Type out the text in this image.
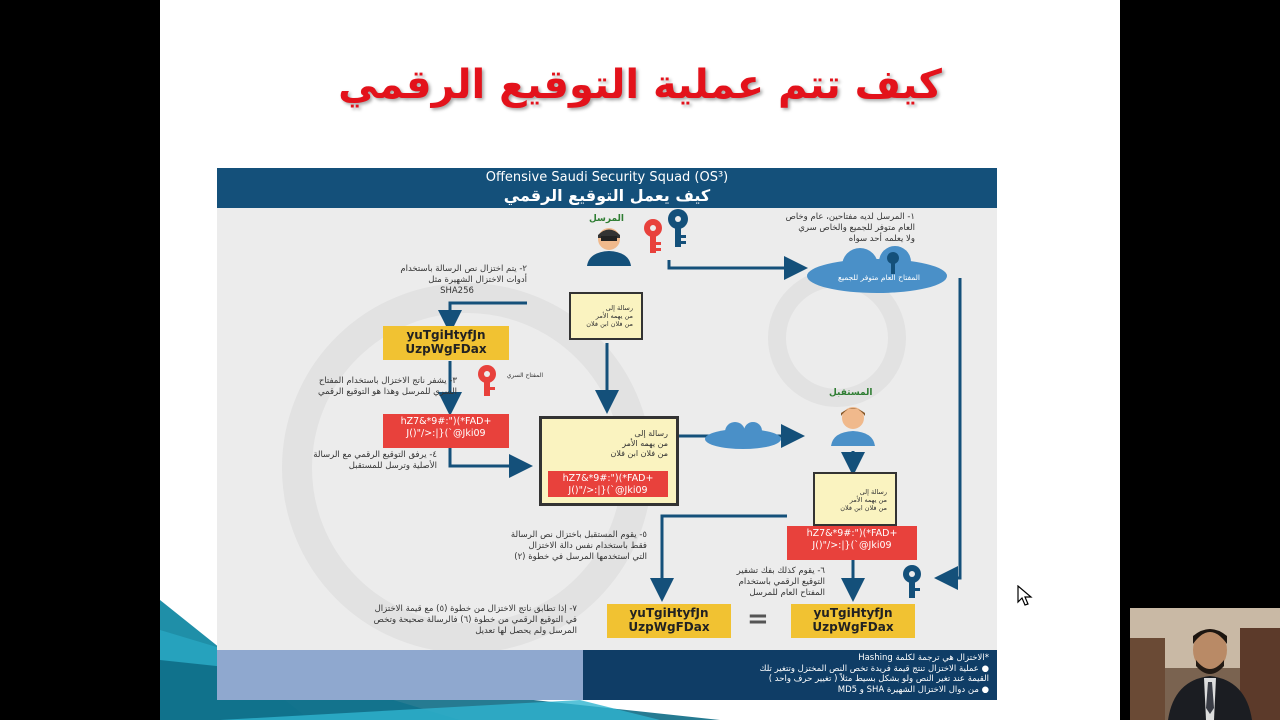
كيف تتم عملية التوقيع الرقمي
Offensive Saudi Security Squad (OS³)
كيف يعمل التوقيع الرقمي
المرسل	١- المرسل لديه مفتاحين، عام وخاص
العام متوفر للجميع والخاص سري
ولا يعلمه أحد سواه
المفتاح العام متوفر للجميع
٢- يتم اختزال نص الرسالة باستخدام
أدوات الاختزال الشهيرة مثل
SHA256
رسالة إلى
من يهمه الأمر
من فلان ابن فلان
yuTgiHtyfJn
UzpWgFDax
٣- يشفر ناتج الاختزال باستخدام المفتاح
السري للمرسل وهذا هو التوقيع الرقمي
المفتاح السري
hZ7&*9#:")(*FAD+
J()"/>:|}(`@Jki09
٤- يرفق التوقيع الرقمي مع الرسالة
الأصلية وترسل للمستقبل
رسالة إلى
من يهمه الأمر
من فلان ابن فلان
hZ7&*9#:")(*FAD+
J()"/>:|}(`@Jki09
المستقبل
رسالة إلى
من يهمه الأمر
من فلان ابن فلان
hZ7&*9#:")(*FAD+
J()"/>:|}(`@Jki09
٥- يقوم المستقبل باختزال نص الرسالة
فقط باستخدام نفس دالة الاختزال
التي استخدمها المرسل في خطوة (٢)
٦- يقوم كذلك بفك تشفير
التوقيع الرقمي باستخدام
المفتاح العام للمرسل
٧- إذا تطابق ناتج الاختزال من خطوة (٥) مع قيمة الاختزال
في التوقيع الرقمي من خطوة (٦) فالرسالة صحيحة وتخص
المرسل ولم يحصل لها تعديل
yuTgiHtyfJn
UzpWgFDax	=	yuTgiHtyfJn
UzpWgFDax
*الاختزال هي ترجمة لكلمة Hashing
● عملية الاختزال تنتج قيمة فريدة تخص النص المختزل وتتغير تلك
القيمة عند تغير النص ولو بشكل بسيط مثلاً ( تغيير حرف واحد )
● من دوال الاختزال الشهيرة SHA و MD5
